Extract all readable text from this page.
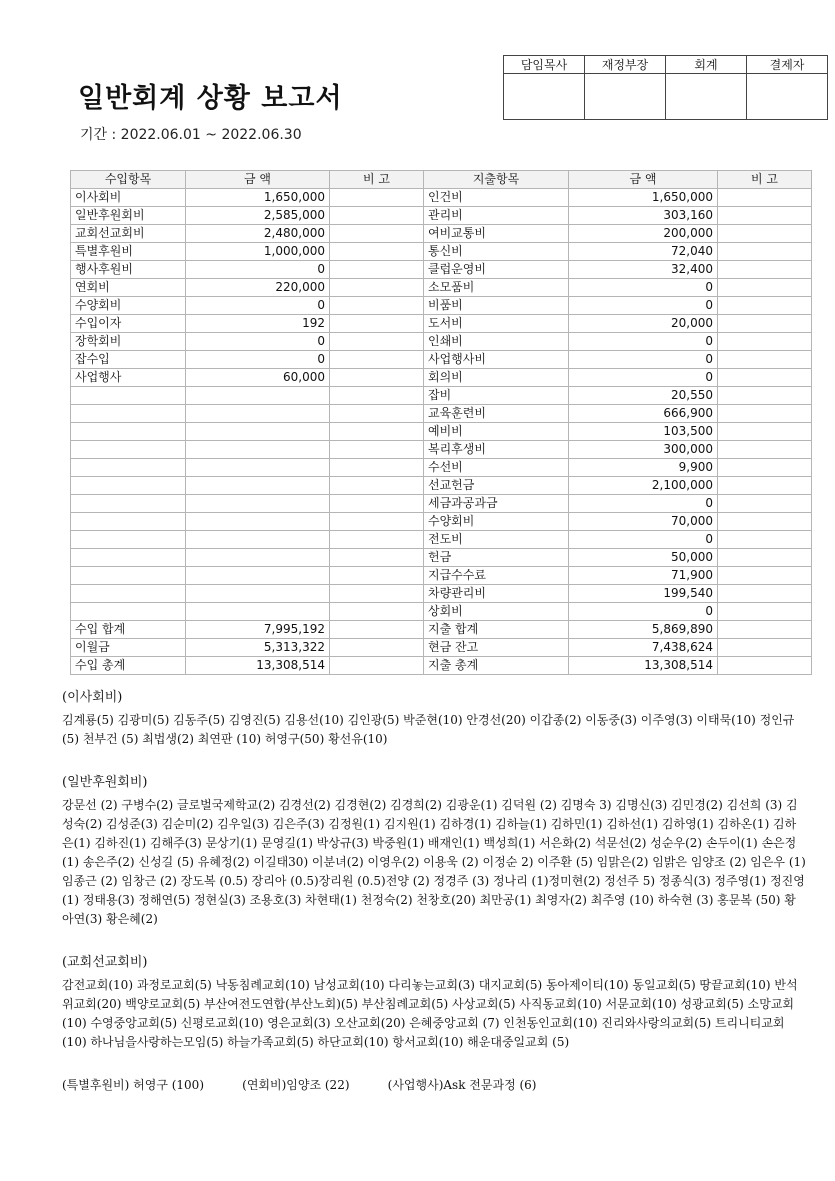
일반회계 상황 보고서
기간 : 2022.06.01 ~ 2022.06.30
담임목사	재정부장	회계	결제자

수입항목	금 액	비 고	지출항목	금 액	비 고
이사회비	1,650,000		인건비	1,650,000	
일반후원회비	2,585,000		관리비	303,160	
교회선교회비	2,480,000		여비교통비	200,000	
특별후원비	1,000,000		통신비	72,040	
행사후원비	0		클럽운영비	32,400	
연회비	220,000		소모품비	0	
수양회비	0		비품비	0	
수입이자	192		도서비	20,000	
장학회비	0		인쇄비	0	
잡수입	0		사업행사비	0	
사업행사	60,000		회의비	0	
			잡비	20,550	
			교육훈련비	666,900	
			예비비	103,500	
			복리후생비	300,000	
			수선비	9,900	
			선교헌금	2,100,000	
			세금과공과금	0	
			수양회비	70,000	
			전도비	0	
			헌금	50,000	
			지급수수료	71,900	
			차량관리비	199,540	
			상회비	0	
수입 합계	7,995,192		지출 합계	5,869,890	
이월금	5,313,322		현금 잔고	7,438,624	
수입 총계	13,308,514		지출 총계	13,308,514	
(이사회비)
김계룡(5) 김광미(5) 김동주(5) 김영진(5) 김용선(10) 김인광(5) 박준현(10) 안경선(20) 이갑종(2) 이동중(3) 이주영(3) 이태묵(10) 정인규(5) 천부건 (5) 최법생(2) 최연판 (10) 허영구(50) 황선유(10)
(일반후원회비)
강문선 (2) 구병수(2) 글로벌국제학교(2) 김경선(2) 김경현(2) 김경희(2) 김광운(1) 김덕원 (2) 김명숙 3) 김명신(3) 김민경(2) 김선희 (3) 김성숙(2) 김성준(3) 김순미(2) 김우일(3) 김은주(3) 김정원(1) 김지원(1) 김하경(1) 김하늘(1) 김하민(1) 김하선(1) 김하영(1) 김하온(1) 김하은(1) 김하진(1) 김해주(3) 문상기(1) 문영길(1) 박상규(3) 박중원(1) 배재인(1) 백성희(1) 서은화(2) 석문선(2) 성순우(2) 손두이(1) 손은정(1) 송은주(2) 신성길 (5) 유혜정(2) 이길태30) 이분녀(2) 이영우(2) 이용욱 (2) 이정순 2) 이주환 (5) 임맑은(2) 임밝은 임양조 (2) 임은우 (1) 임종근 (2) 임창근 (2) 장도복 (0.5) 장리아 (0.5)장리원 (0.5)전양 (2) 정경주 (3) 정나리 (1)정미현(2) 정선주 5) 정종식(3) 정주영(1) 정진영(1) 정태용(3) 정해연(5) 정현실(3) 조용호(3) 차현태(1) 천정숙(2) 천창호(20) 최만공(1) 최영자(2) 최주영 (10) 하숙현 (3) 홍문복 (50) 황아연(3) 황은혜(2)
(교회선교회비)
감전교회(10) 과정로교회(5) 낙동침례교회(10) 남성교회(10) 다리놓는교회(3) 대지교회(5) 동아제이티(10) 동일교회(5) 땅끝교회(10) 반석위교회(20) 백양로교회(5) 부산여전도연합(부산노회)(5) 부산침례교회(5) 사상교회(5) 사직동교회(10) 서문교회(10) 성광교회(5) 소망교회(10) 수영중앙교회(5) 신평로교회(10) 영은교회(3) 오산교회(20) 은혜중앙교회 (7) 인천동인교회(10) 진리와사랑의교회(5) 트리니티교회(10) 하나님을사랑하는모임(5) 하늘가족교회(5) 하단교회(10) 항서교회(10) 해운대중일교회 (5)
(특별후원비) 허영구 (100)          (연회비)임양조 (22)          (사업행사)Ask 전문과정 (6)
